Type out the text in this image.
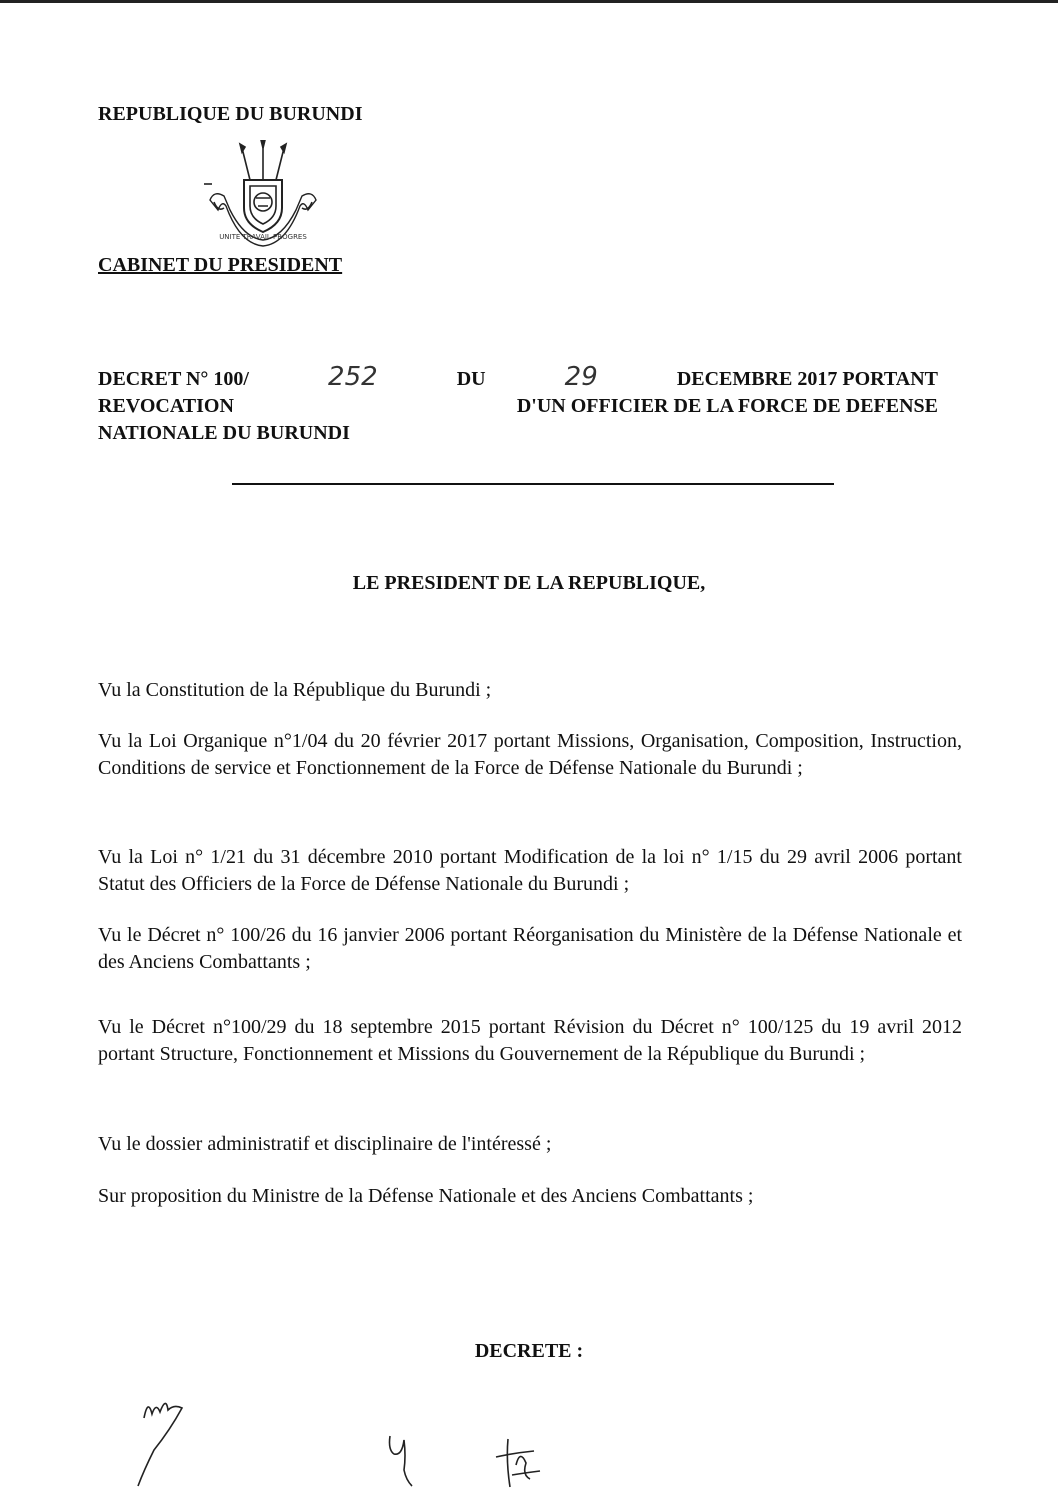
REPUBLIQUE DU BURUNDI
UNITE TRAVAIL PROGRES
CABINET DU PRESIDENT
DECRET N° 100/	252	DU	29	DECEMBRE 2017 PORTANT
REVOCATION	D'UN OFFICIER DE LA FORCE DE DEFENSE
NATIONALE DU BURUNDI
LE PRESIDENT DE LA REPUBLIQUE,
Vu la Constitution de la République du Burundi ;
Vu la Loi Organique n°1/04 du 20 février 2017 portant Missions, Organisation, Composition, Instruction, Conditions de service et Fonctionnement de la Force de Défense Nationale du Burundi ;
Vu la Loi n° 1/21 du 31 décembre 2010 portant Modification de la loi n° 1/15 du 29 avril 2006 portant Statut des Officiers de la Force de Défense Nationale du Burundi ;
Vu le Décret n° 100/26 du 16 janvier 2006 portant Réorganisation du Ministère de la Défense Nationale et des Anciens Combattants ;
Vu le Décret n°100/29 du 18 septembre 2015 portant Révision du Décret n° 100/125 du 19 avril 2012 portant Structure, Fonctionnement et Missions du Gouvernement de la République du Burundi ;
Vu le dossier administratif et disciplinaire de l'intéressé ;
Sur proposition du Ministre de la Défense Nationale et des Anciens Combattants ;
DECRETE :
